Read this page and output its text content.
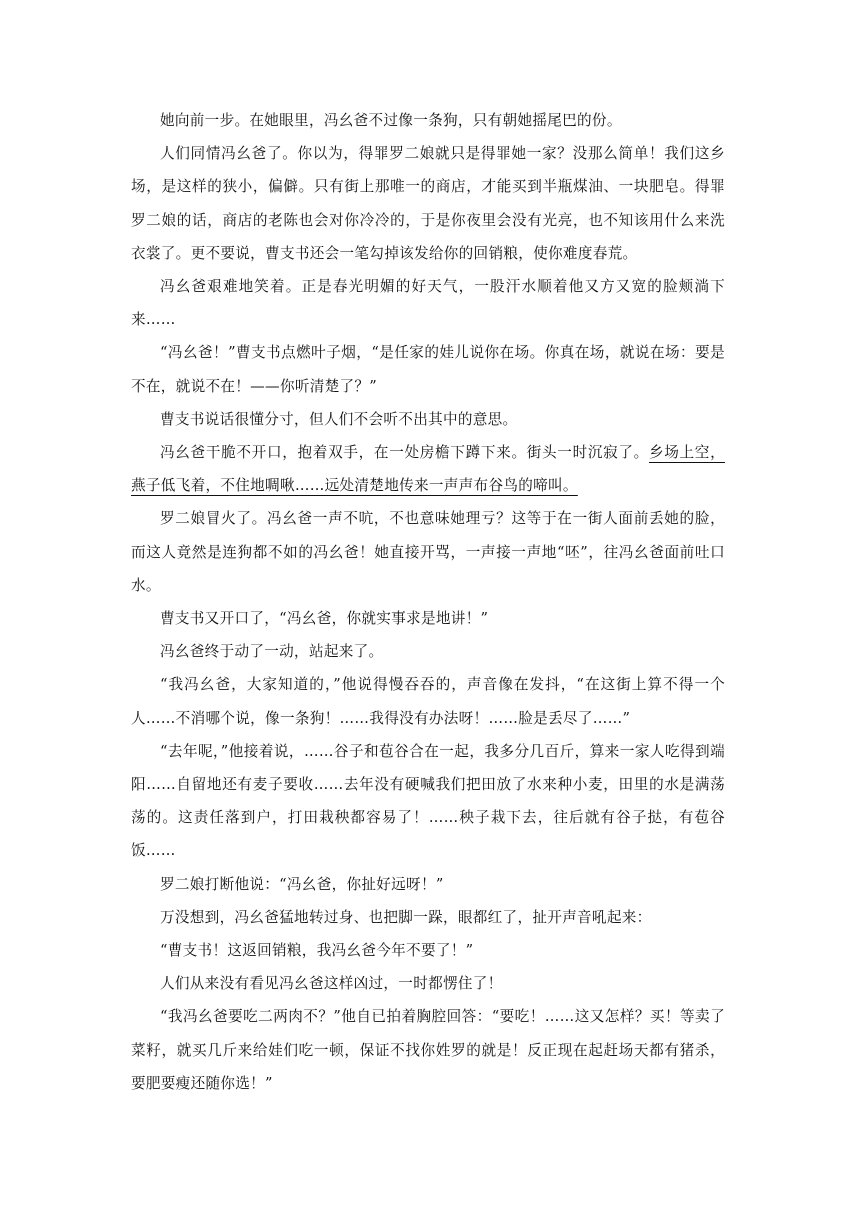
她向前一步。在她眼里，冯幺爸不过像一条狗，只有朝她摇尾巴的份。

人们同情冯幺爸了。你以为，得罪罗二娘就只是得罪她一家？没那么简单！我们这乡场，是这样的狭小，偏僻。只有街上那唯一的商店，才能买到半瓶煤油、一块肥皂。得罪罗二娘的话，商店的老陈也会对你冷冷的，于是你夜里会没有光亮，也不知该用什么来洗衣裳了。更不要说，曹支书还会一笔勾掉该发给你的回销粮，使你难度春荒。

冯幺爸艰难地笑着。正是春光明媚的好天气，一股汗水顺着他又方又宽的脸颊淌下来……

“冯幺爸！”曹支书点燃叶子烟，“是任家的娃儿说你在场。你真在场，就说在场：要是不在，就说不在！——你听清楚了？”

曹支书说话很懂分寸，但人们不会听不出其中的意思。

冯幺爸干脆不开口，抱着双手，在一处房檐下蹲下来。街头一时沉寂了。乡场上空，燕子低飞着，不住地啁啾……远处清楚地传来一声声布谷鸟的啼叫。

罗二娘冒火了。冯幺爸一声不吭，不也意味她理亏？这等于在一街人面前丢她的脸，而这人竟然是连狗都不如的冯幺爸！她直接开骂，一声接一声地“呸”，往冯幺爸面前吐口水。

曹支书又开口了，“冯幺爸，你就实事求是地讲！”

冯幺爸终于动了一动，站起来了。

“我冯幺爸，大家知道的，”他说得慢吞吞的，声音像在发抖，“在这街上算不得一个人……不消哪个说，像一条狗！……我得没有办法呀！……脸是丢尽了……”

“去年呢，”他接着说，……谷子和苞谷合在一起，我多分几百斤，算来一家人吃得到端阳……自留地还有麦子要收……去年没有硬喊我们把田放了水来种小麦，田里的水是满荡荡的。这责任落到户，打田栽秧都容易了！……秧子栽下去，往后就有谷子挞，有苞谷饭……

罗二娘打断他说：“冯幺爸，你扯好远呀！”

万没想到，冯幺爸猛地转过身、也把脚一跺，眼都红了，扯开声音吼起来：

“曹支书！这返回销粮，我冯幺爸今年不要了！”

人们从来没有看见冯幺爸这样凶过，一时都愣住了！

“我冯幺爸要吃二两肉不？”他自已拍着胸腔回答：“要吃！……这又怎样？买！等卖了菜籽，就买几斤来给娃们吃一顿，保证不找你姓罗的就是！反正现在起赶场天都有猪杀，要肥要瘦还随你选！”
